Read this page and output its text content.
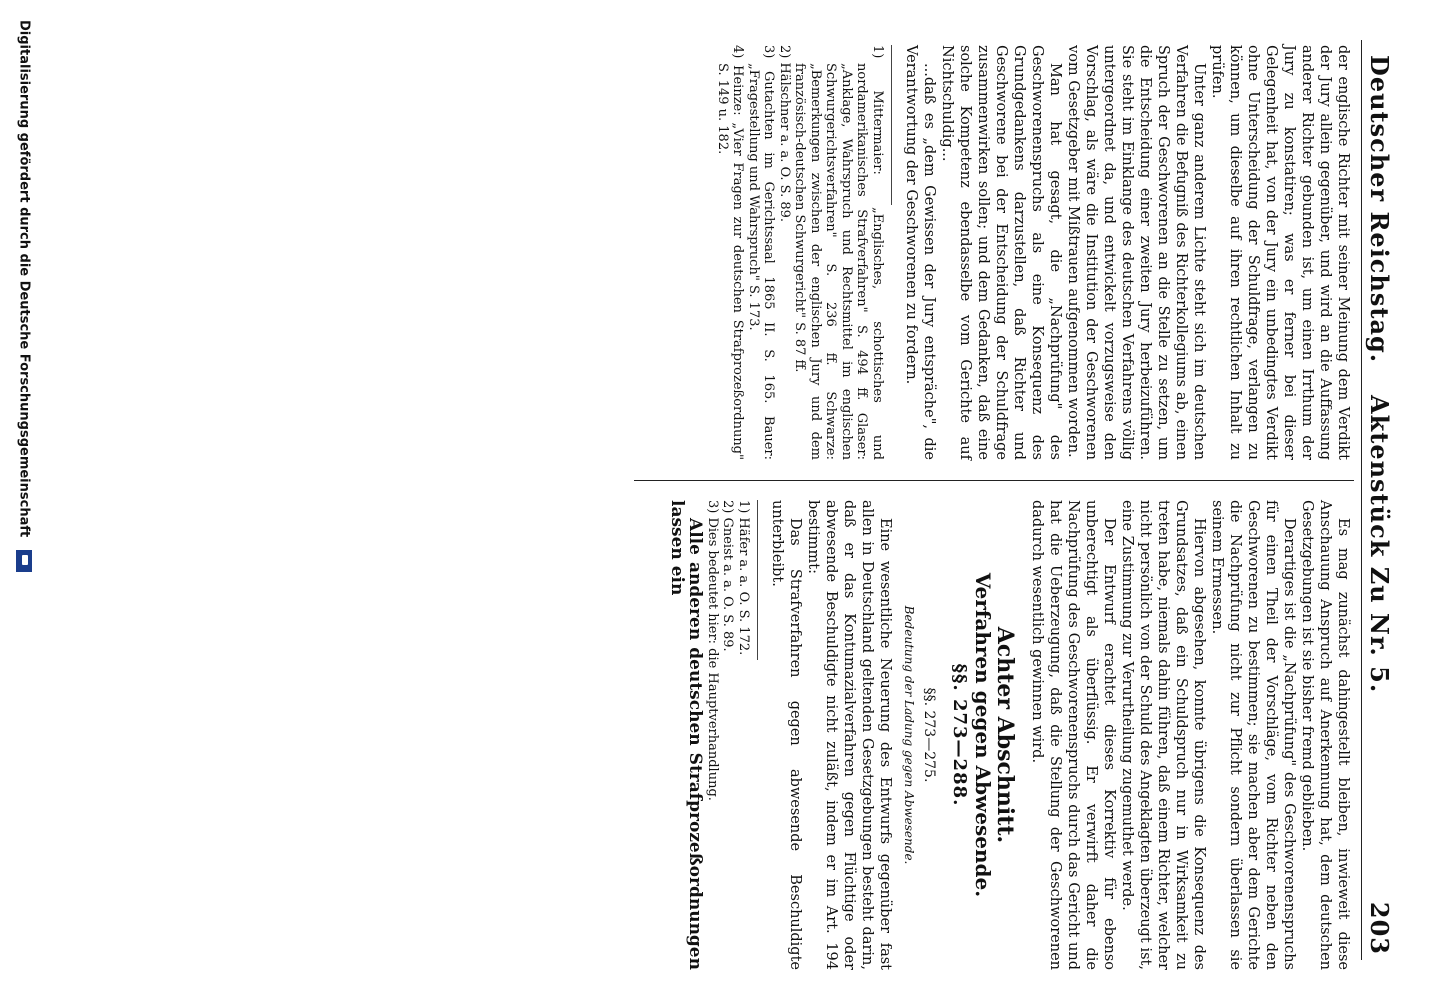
Deutscher Reichstag.
Aktenstück Zu Nr. 5.
203

der englische Richter mit seiner Meinung dem Verdikt der Jury allein gegenüber, und wird an die Auffassung anderer Richter gebunden ist, um einen Irrthum der Jury zu konstatiren; was er ferner bei dieser Gelegenheit hat, von der Jury ein unbedingtes Verdikt ohne Unterscheidung der Schuldfrage, verlangen zu können, um dieselbe auf ihren rechtlichen Inhalt zu prüfen.

Unter ganz anderem Lichte steht sich im deutschen Verfahren die Befugniß des Richterkollegiums ab, einen Spruch der Geschworenen an die Stelle zu setzen, um die Entscheidung einer zweiten Jury herbeizuführen. Sie steht im Einklange des deutschen Verfahrens völlig untergeordnet da, und entwickelt vorzugsweise den Vorschlag, als wäre die Institution der Geschworenen vom Gesetzgeber mit Mißtrauen aufgenommen worden.

Man hat gesagt, die „Nachprüfung" des Geschworenenspruchs als eine Konsequenz des Grundgedankens darzustellen, daß Richter und Geschworene bei der Entscheidung der Schuldfrage zusammenwirken sollen; und dem Gedanken, daß eine solche Kompetenz ebendasselbe vom Gerichte auf Nichtschuldig...

...daß es „dem Gewissen der Jury entspräche", die Verantwortung der Geschworenen zu fordern.

1) Mittermaier: „Englisches, schottisches und nordamerikanisches Strafverfahren" S. 494 ff. Glaser: „Anklage, Wahrspruch und Rechtsmittel im englischen Schwurgerichtsverfahren" S. 236 ff. Schwarze: „Bemerkungen zwischen der englischen Jury und dem französisch-deutschen Schwurgericht" S. 87 ff.
2) Hälschner a. a. O. S. 89.
3) Gutachten im Gerichtssaal 1865 II. S. 165. Bauer: „Fragestellung und Wahrspruch" S. 173.
4) Heinze: „Vier Fragen zur deutschen Strafprozeßordnung" S. 149 u. 182.

Es mag zunächst dahingestellt bleiben, inwieweit diese Anschauung Anspruch auf Anerkennung hat, dem deutschen Gesetzgebungen ist sie bisher fremd geblieben.

Derartiges ist die „Nachprüfung" des Geschworenenspruchs für einen Theil der Vorschläge, vom Richter neben den Geschworenen zu bestimmen; sie machen aber dem Gerichte die Nachprüfung nicht zur Pflicht sondern überlassen sie seinem Ermessen.

Hiervon abgesehen, konnte übrigens die Konsequenz des Grundsatzes, daß ein Schuldspruch nur in Wirksamkeit zu treten habe, niemals dahin führen, daß einem Richter, welcher nicht persönlich von der Schuld des Angeklagten überzeugt ist, eine Zustimmung zur Verurtheilung zugemuthet werde.

Der Entwurf erachtet dieses Korrektiv für ebenso unberechtigt als überflüssig. Er verwirft daher die Nachprüfung des Geschworenenspruchs durch das Gericht und hat die Ueberzeugung, daß die Stellung der Geschworenen dadurch wesentlich gewinnen wird.

Achter Abschnitt.
Verfahren gegen Abwesende.
§§. 273—288.
§§. 273—275.
Bedeutung der Ladung gegen Abwesende.

Eine wesentliche Neuerung des Entwurfs gegenüber fast allen in Deutschland geltenden Gesetzgebungen besteht darin, daß er das Kontumazialverfahren gegen Flüchtige oder abwesende Beschuldigte nicht zuläßt, indem er im Art. 194 bestimmt:

Das Strafverfahren gegen abwesende Beschuldigte unterbleibt.

1) Häfer a. a. O. S. 172.
2) Gneist a. a. O. S. 89.
3) Dies bedeutet hier: die Hauptverhandlung.

Alle anderen deutschen Strafprozeßordnungen lassen ein

Digitalisierung gefördert durch die Deutsche Forschungsgemeinschaft
